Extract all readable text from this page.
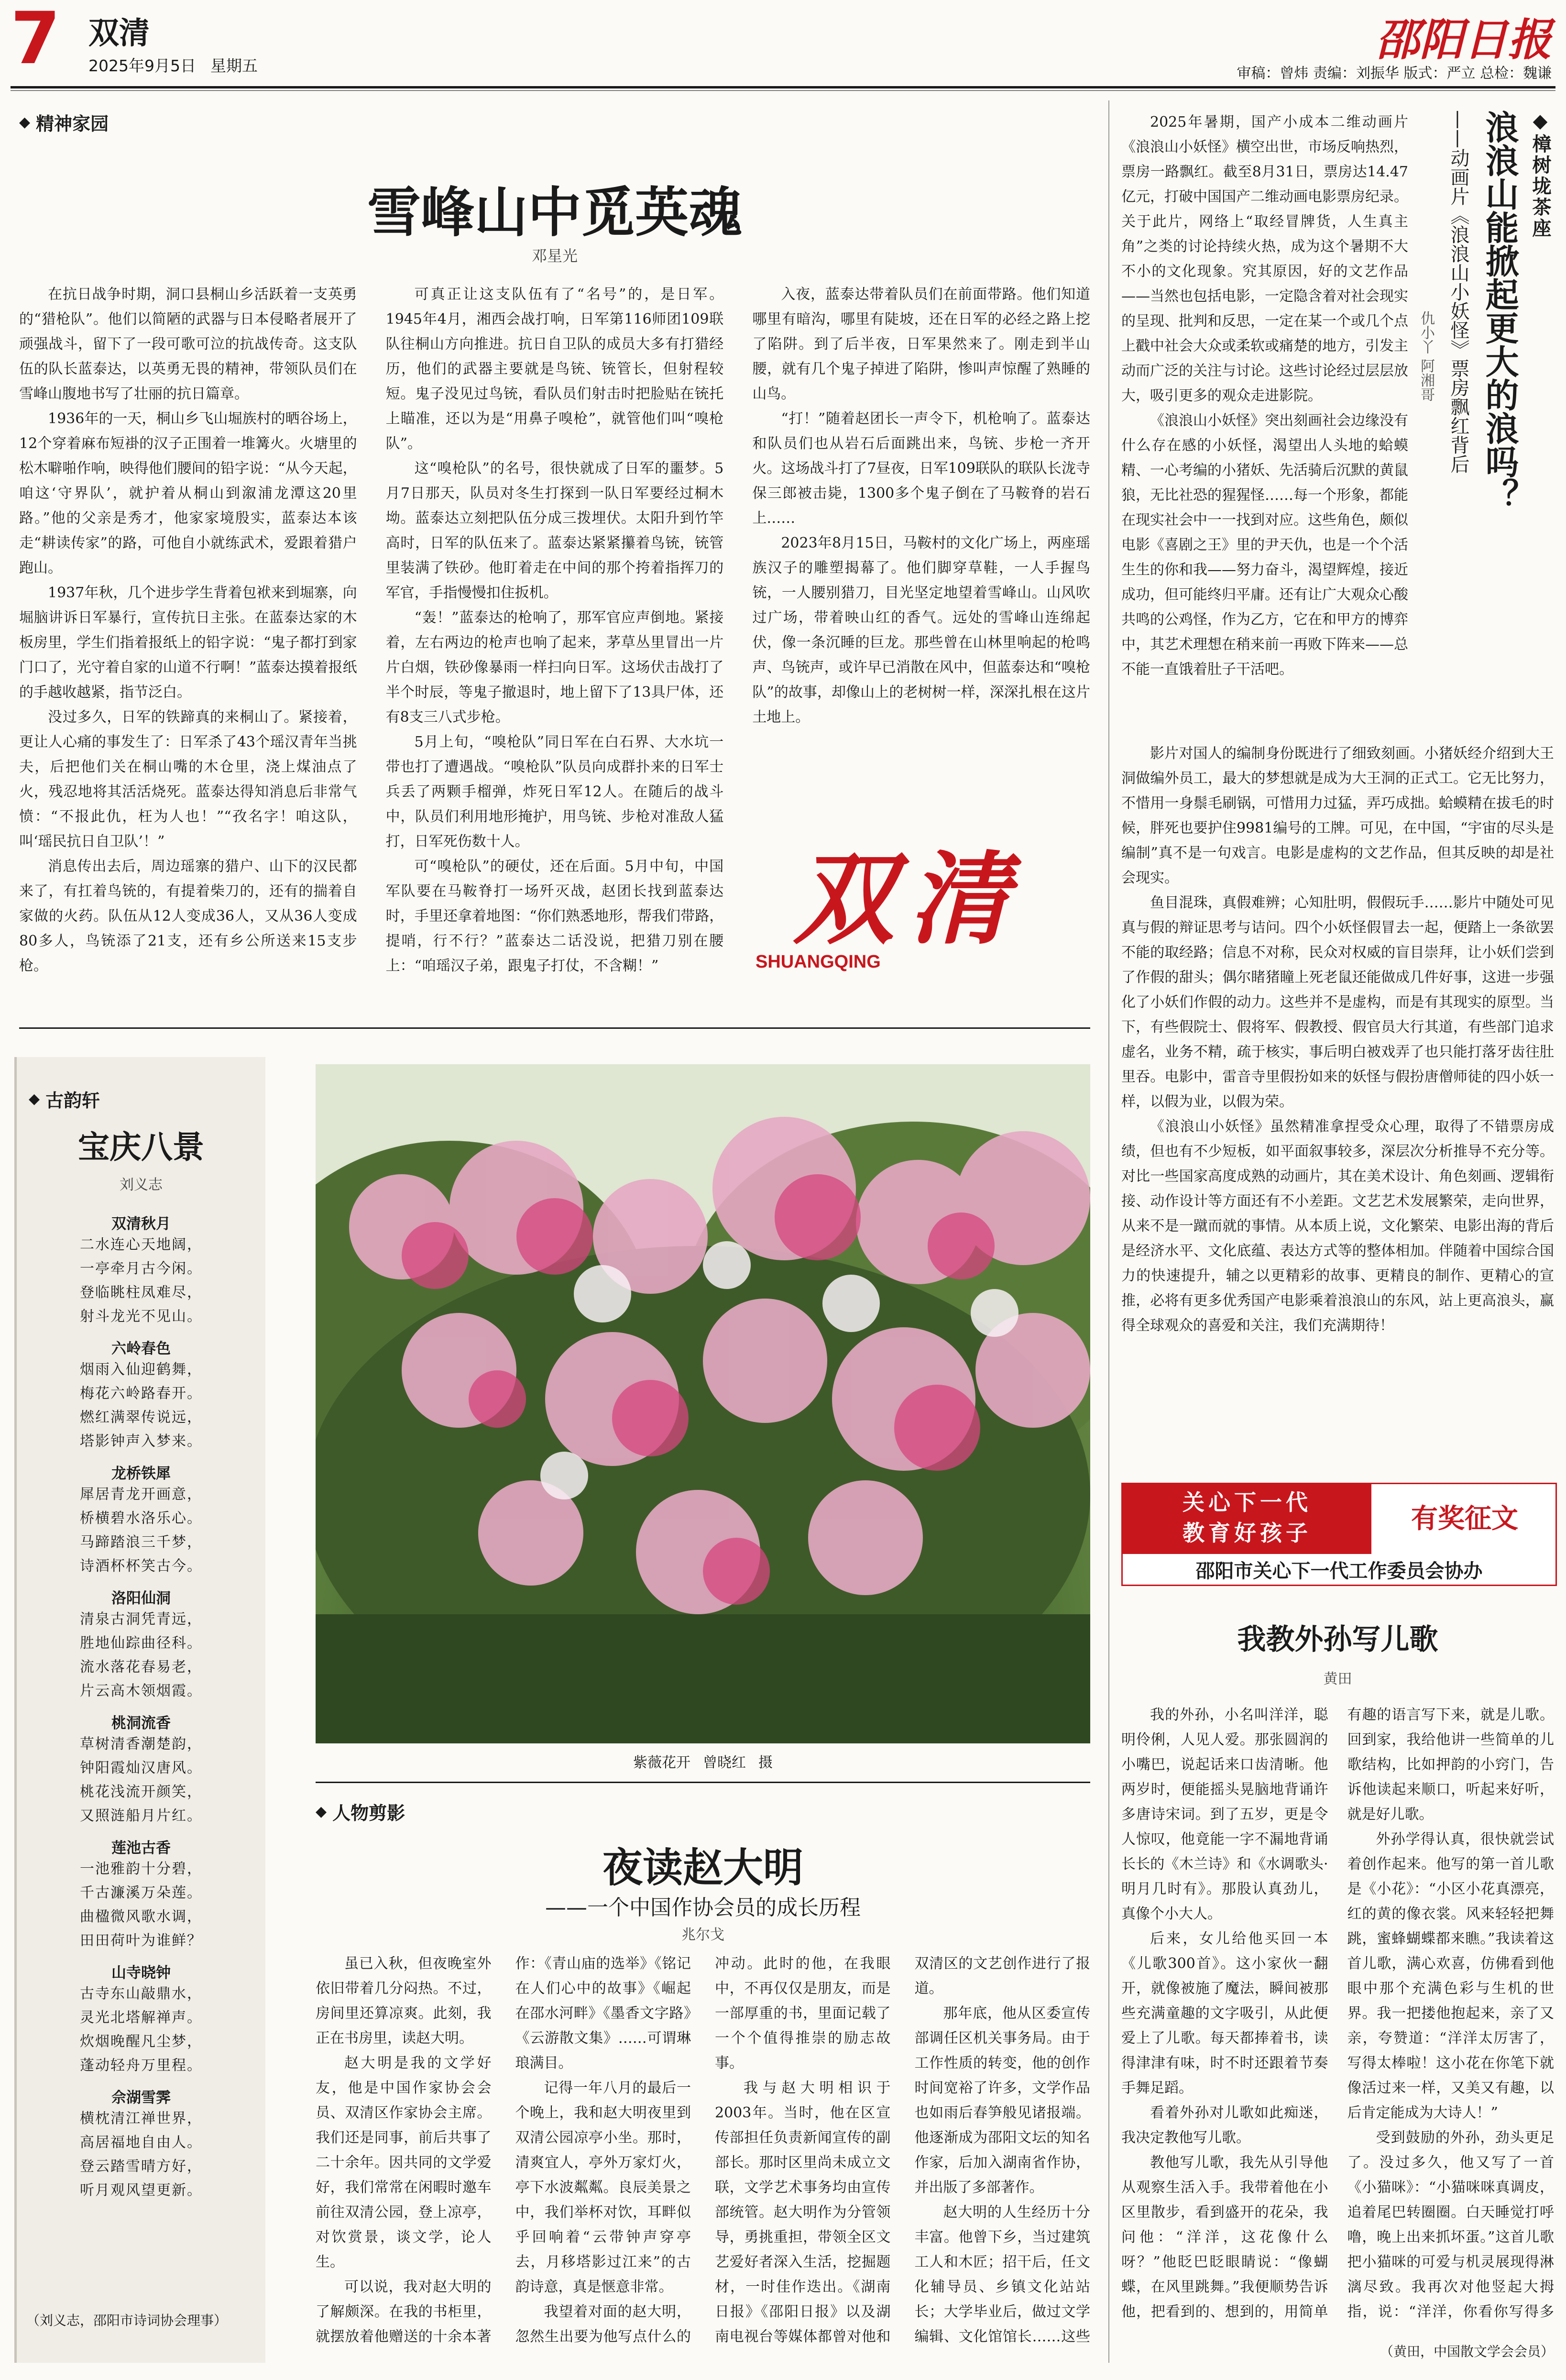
7 双清
2025年9月5日 星期五
邵阳日报
审稿：曾炜 责编：刘振华 版式：严立 总检：魏谦
◆ 精神家园
雪峰山中觅英魂
邓星光

在抗日战争时期，洞口县桐山乡活跃着一支英勇的“猎枪队”。他们以简陋的武器与日本侵略者展开了顽强战斗，留下了一段可歌可泣的抗战传奇。这支队伍的队长蓝泰达，以英勇无畏的精神，带领队员们在雪峰山腹地书写了壮丽的抗日篇章。

1936年的一天，桐山乡飞山堀族村的晒谷场上，12个穿着麻布短褂的汉子正围着一堆篝火。火塘里的松木噼啪作响，映得他们腰间的铅字说：“从今天起，咱这‘守界队’，就护着从桐山到溆浦龙潭这20里路。”他的父亲是秀才，他家家境殷实，蓝泰达本该走“耕读传家”的路，可他自小就练武术，爱跟着猎户跑山。

1937年秋，几个进步学生背着包袱来到堀寨，向堀脑讲诉日军暴行，宣传抗日主张。在蓝泰达家的木板房里，学生们指着报纸上的铅字说：“鬼子都打到家门口了，光守着自家的山道不行啊！”蓝泰达摸着报纸的手越收越紧，指节泛白。

没过多久，日军的铁蹄真的来桐山了。紧接着，更让人心痛的事发生了：日军杀了43个瑶汉青年当挑夫，后把他们关在桐山嘴的木仓里，浇上煤油点了火，残忍地将其活活烧死。蓝泰达得知消息后非常气愤：“不报此仇，枉为人也！”“孜名字！咱这队，叫‘瑶民抗日自卫队’！”

消息传出去后，周边瑶寨的猎户、山下的汉民都来了，有扛着鸟铳的，有提着柴刀的，还有的揣着自家做的火药。队伍从12人变成36人，又从36人变成80多人，鸟铳添了21支，还有乡公所送来15支步枪。

可真正让这支队伍有了“名号”的，是日军。1945年4月，湘西会战打响，日军第116师团109联队往桐山方向推进。抗日自卫队的成员大多有打猎经历，他们的武器主要就是鸟铳、铳管长，但射程较短。鬼子没见过鸟铳，看队员们射击时把脸贴在铳托上瞄准，还以为是“用鼻子嗅枪”，就管他们叫“嗅枪队”。

这“嗅枪队”的名号，很快就成了日军的噩梦。5月7日那天，队员对冬生打探到一队日军要经过桐木坳。蓝泰达立刻把队伍分成三拨埋伏。太阳升到竹竿高时，日军的队伍来了。蓝泰达紧紧攥着鸟铳，铳管里装满了铁砂。他盯着走在中间的那个挎着指挥刀的军官，手指慢慢扣住扳机。

“轰！”蓝泰达的枪响了，那军官应声倒地。紧接着，左右两边的枪声也响了起来，茅草丛里冒出一片片白烟，铁砂像暴雨一样扫向日军。这场伏击战打了半个时辰，等鬼子撤退时，地上留下了13具尸体，还有8支三八式步枪。

5月上旬，“嗅枪队”同日军在白石界、大水坑一带也打了遭遇战。“嗅枪队”队员向成群扑来的日军士兵丢了两颗手榴弹，炸死日军12人。在随后的战斗中，队员们利用地形掩护，用鸟铳、步枪对准敌人猛打，日军死伤数十人。

可“嗅枪队”的硬仗，还在后面。5月中旬，中国军队要在马鞍脊打一场歼灭战，赵团长找到蓝泰达时，手里还拿着地图：“你们熟悉地形，帮我们带路，提哨，行不行？”蓝泰达二话没说，把猎刀别在腰上：“咱瑶汉子弟，跟鬼子打仗，不含糊！”

入夜，蓝泰达带着队员们在前面带路。他们知道哪里有暗沟，哪里有陡坡，还在日军的必经之路上挖了陷阱。到了后半夜，日军果然来了。刚走到半山腰，就有几个鬼子掉进了陷阱，惨叫声惊醒了熟睡的山鸟。

“打！”随着赵团长一声令下，机枪响了。蓝泰达和队员们也从岩石后面跳出来，鸟铳、步枪一齐开火。这场战斗打了7昼夜，日军109联队的联队长泷寺保三郎被击毙，1300多个鬼子倒在了马鞍脊的岩石上……

2023年8月15日，马鞍村的文化广场上，两座瑶族汉子的雕塑揭幕了。他们脚穿草鞋，一人手握鸟铳，一人腰别猎刀，目光坚定地望着雪峰山。山风吹过广场，带着映山红的香气。远处的雪峰山连绵起伏，像一条沉睡的巨龙。那些曾在山林里响起的枪鸣声、鸟铳声，或许早已消散在风中，但蓝泰达和“嗅枪队”的故事，却像山上的老树树一样，深深扎根在这片土地上。

双清
SHUANGQING
◆ 古韵轩
宝庆八景
刘义志
双清秋月
二水连心天地阔，
一亭牵月古今闲。
登临眺柱凤难尽，
射斗龙光不见山。
六岭春色
烟雨入仙迎鹤舞，
梅花六岭路春开。
燃红满翠传说远，
塔影钟声入梦来。
龙桥铁犀
犀居青龙开画意，
桥横碧水洛乐心。
马蹄踏浪三千梦，
诗酒杯杯笑古今。
洛阳仙洞
清泉古洞凭青远，
胜地仙踪曲径科。
流水落花春易老，
片云高木领烟霞。
桃洞流香
草树清香潮楚韵，
钟阳霞灿汉唐风。
桃花浅流开颜笑，
又照涟船月片红。
莲池古香
一池雅韵十分碧，
千古濂溪万朵莲。
曲楹微风歌水调，
田田荷叶为谁鲜？
山寺晓钟
古寺东山敲鼎水，
灵光北塔解禅声。
炊烟晚醒凡尘梦，
蓬动轻舟万里程。
佘湖雪霁
横枕清江禅世界，
高居福地自由人。
登云踏雪晴方好，
听月观风望更新。
（刘义志，邵阳市诗词协会理事）
紫薇花开 曾晓红 摄
◆ 人物剪影
夜读赵大明
——一个中国作协会员的成长历程
兆尔戈

虽已入秋，但夜晚室外依旧带着几分闷热。不过，房间里还算凉爽。此刻，我正在书房里，读赵大明。

赵大明是我的文学好友，他是中国作家协会会员、双清区作家协会主席。我们还是同事，前后共事了二十余年。因共同的文学爱好，我们常常在闲暇时邀车前往双清公园，登上凉亭，对饮赏景，谈文学，论人生。

可以说，我对赵大明的了解颇深。在我的书柜里，就摆放着他赠送的十余本著作：《青山庙的选举》《铭记在人们心中的故事》《崛起在邵水河畔》《墨香文字路》《云游散文集》……可谓琳琅满目。

记得一年八月的最后一个晚上，我和赵大明夜里到双清公园凉亭小坐。那时，清爽宜人，亭外万家灯火，亭下水波粼粼。良辰美景之中，我们举杯对饮，耳畔似乎回响着“云带钟声穿亭去，月移塔影过江来”的古韵诗意，真是惬意非常。

我望着对面的赵大明，忽然生出要为他写点什么的冲动。此时的他，在我眼中，不再仅仅是朋友，而是一部厚重的书，里面记载了一个个值得推崇的励志故事。

我与赵大明相识于2003年。当时，他在区宣传部担任负责新闻宣传的副部长。那时区里尚未成立文联，文学艺术事务均由宣传部统管。赵大明作为分管领导，勇挑重担，带领全区文艺爱好者深入生活，挖掘题材，一时佳作迭出。《湖南日报》《邵阳日报》以及湖南电视台等媒体都曾对他和双清区的文艺创作进行了报道。

那年底，他从区委宣传部调任区机关事务局。由于工作性质的转变，他的创作时间宽裕了许多，文学作品也如雨后春笋般见诸报端。他逐渐成为邵阳文坛的知名作家，后加入湖南省作协，并出版了多部著作。

赵大明的人生经历十分丰富。他曾下乡，当过建筑工人和木匠；招干后，任文化辅导员、乡镇文化站站长；大学毕业后，做过文学编辑、文化馆馆长……这些

2025年暑期，国产小成本二维动画片《浪浪山小妖怪》横空出世，市场反响热烈，票房一路飘红。截至8月31日，票房达14.47亿元，打破中国国产二维动画电影票房纪录。关于此片，网络上“取经冒牌货，人生真主角”之类的讨论持续火热，成为这个暑期不大不小的文化现象。究其原因，好的文艺作品——当然也包括电影，一定隐含着对社会现实的呈现、批判和反思，一定在某一个或几个点上戳中社会大众或柔软或痛楚的地方，引发主动而广泛的关注与讨论。这些讨论经过层层放大，吸引更多的观众走进影院。

《浪浪山小妖怪》突出刻画社会边缘没有什么存在感的小妖怪，渴望出人头地的蛤蟆精、一心考编的小猪妖、先活骑后沉默的黄鼠狼，无比社恐的猩猩怪……每一个形象，都能在现实社会中一一找到对应。这些角色，颇似电影《喜剧之王》里的尹天仇，也是一个个活生生的你和我——努力奋斗，渴望辉煌，接近成功，但可能终归平庸。还有让广大观众心酸共鸣的公鸡怪，作为乙方，它在和甲方的博弈中，其艺术理想在稍来前一再败下阵来——总不能一直饿着肚子干活吧。

◆樟树垅茶座
浪浪山能掀起更大的浪吗？
——动画片《浪浪山小妖怪》票房飘红背后
仇小丫 阿湘哥

影片对国人的编制身份既进行了细致刻画。小猪妖经介绍到大王洞做编外员工，最大的梦想就是成为大王洞的正式工。它无比努力，不惜用一身鬃毛刷锅，可惜用力过猛，弄巧成拙。蛤蟆精在拔毛的时候，胖死也要护住9981编号的工牌。可见，在中国，“宇宙的尽头是编制”真不是一句戏言。电影是虚构的文艺作品，但其反映的却是社会现实。

鱼目混珠，真假难辨；心知肚明，假假玩手……影片中随处可见真与假的辩证思考与诘问。四个小妖怪假冒去一起，便踏上一条欲罢不能的取经路；信息不对称，民众对权威的盲目崇拜，让小妖们尝到了作假的甜头；偶尔睹猪瞳上死老鼠还能做成几件好事，这进一步强化了小妖们作假的动力。这些并不是虚构，而是有其现实的原型。当下，有些假院士、假将军、假教授、假官员大行其道，有些部门追求虚名，业务不精，疏于核实，事后明白被戏弄了也只能打落牙齿往肚里吞。电影中，雷音寺里假扮如来的妖怪与假扮唐僧师徒的四小妖一样，以假为业，以假为荣。

《浪浪山小妖怪》虽然精准拿捏受众心理，取得了不错票房成绩，但也有不少短板，如平面叙事较多，深层次分析推导不充分等。对比一些国家高度成熟的动画片，其在美术设计、角色刻画、逻辑衔接、动作设计等方面还有不小差距。文艺艺术发展繁荣，走向世界，从来不是一蹴而就的事情。从本质上说，文化繁荣、电影出海的背后是经济水平、文化底蕴、表达方式等的整体相加。伴随着中国综合国力的快速提升，辅之以更精彩的故事、更精良的制作、更精心的宣推，必将有更多优秀国产电影乘着浪浪山的东风，站上更高浪头，赢得全球观众的喜爱和关注，我们充满期待！

关心下一代
教育好孩子	有奖征文
邵阳市关心下一代工作委员会协办
我教外孙写儿歌
黄田

我的外孙，小名叫洋洋，聪明伶俐，人见人爱。那张圆润的小嘴巴，说起话来口齿清晰。他两岁时，便能摇头晃脑地背诵许多唐诗宋词。到了五岁，更是令人惊叹，他竟能一字不漏地背诵长长的《木兰诗》和《水调歌头·明月几时有》。那股认真劲儿，真像个小大人。

后来，女儿给他买回一本《儿歌300首》。这小家伙一翻开，就像被施了魔法，瞬间被那些充满童趣的文字吸引，从此便爱上了儿歌。每天都捧着书，读得津津有味，时不时还跟着节奏手舞足蹈。

看着外孙对儿歌如此痴迷，我决定教他写儿歌。

教他写儿歌，我先从引导他从观察生活入手。我带着他在小区里散步，看到盛开的花朵，我问他：“洋洋，这花像什么呀？”他眨巴眨眼睛说：“像蝴蝶，在风里跳舞。”我便顺势告诉他，把看到的、想到的，用简单有趣的语言写下来，就是儿歌。回到家，我给他讲一些简单的儿歌结构，比如押韵的小窍门，告诉他读起来顺口，听起来好听，就是好儿歌。

外孙学得认真，很快就尝试着创作起来。他写的第一首儿歌是《小花》：“小区小花真漂亮，红的黄的像衣裳。风来轻轻把舞跳，蜜蜂蝴蝶都来瞧。”我读着这首儿歌，满心欢喜，仿佛看到他眼中那个充满色彩与生机的世界。我一把搂他抱起来，亲了又亲，夸赞道：“洋洋太厉害了，写得太棒啦！这小花在你笔下就像活过来一样，又美又有趣，以后肯定能成为大诗人！”

受到鼓励的外孙，劲头更足了。没过多久，他又写了一首《小猫咪》：“小猫咪咪真调皮，追着尾巴转圈圈。白天睡觉打呼噜，晚上出来抓坏蛋。”这首儿歌把小猫咪的可爱与机灵展现得淋漓尽致。我再次对他竖起大拇指，说：“洋洋，你看你写得多

（黄田，中国散文学会会员）
